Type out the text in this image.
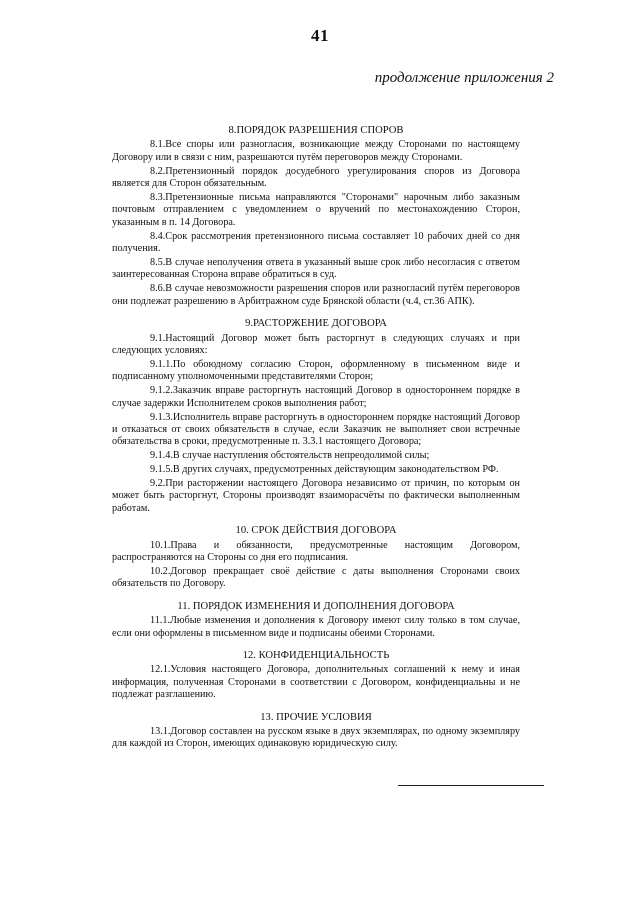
41
продолжение приложения 2
8.ПОРЯДОК РАЗРЕШЕНИЯ СПОРОВ
8.1.Все споры или разногласия, возникающие между Сторонами по настоящему Договору или в связи с ним, разрешаются путём переговоров между Сторонами.
8.2.Претензионный порядок досудебного урегулирования споров из Договора является для Сторон обязательным.
8.3.Претензионные письма направляются "Сторонами" нарочным либо заказным почтовым отправлением с уведомлением о вручений по местонахождению Сторон, указанным в п. 14 Договора.
8.4.Срок рассмотрения претензионного письма составляет 10 рабочих дней со дня получения.
8.5.В случае неполучения ответа в указанный выше срок либо несогласия с ответом заинтересованная Сторона вправе обратиться в суд.
8.6.В случае невозможности разрешения споров или разногласий путём переговоров они подлежат разрешению в Арбитражном суде Брянской области (ч.4, ст.36 АПК).
9.РАСТОРЖЕНИЕ ДОГОВОРА
9.1.Настоящий Договор может быть расторгнут в следующих случаях и при следующих условиях:
9.1.1.По обоюдному согласию Сторон, оформленному в письменном виде и подписанному уполномоченными представителями Сторон;
9.1.2.Заказчик вправе расторгнуть настоящий Договор в одностороннем порядке в случае задержки Исполнителем сроков выполнения работ;
9.1.3.Исполнитель вправе расторгнуть в одностороннем порядке настоящий Договор и отказаться от своих обязательств в случае, если Заказчик не выполняет свои встречные обязательства в сроки, предусмотренные п. 3.3.1 настоящего Договора;
9.1.4.В случае наступления обстоятельств непреодолимой силы;
9.1.5.В других случаях, предусмотренных действующим законодательством РФ.
9.2.При расторжении настоящего Договора независимо от причин, по которым он может быть расторгнут, Стороны производят взаиморасчёты по фактически выполненным работам.
10. СРОК ДЕЙСТВИЯ ДОГОВОРА
10.1.Права и обязанности, предусмотренные настоящим Договором, распространяются на Стороны со дня его подписания.
10.2.Договор прекращает своё действие с даты выполнения Сторонами своих обязательств по Договору.
11. ПОРЯДОК ИЗМЕНЕНИЯ И ДОПОЛНЕНИЯ ДОГОВОРА
11.1.Любые изменения и дополнения к Договору имеют силу только в том случае, если они оформлены в письменном виде и подписаны обеими Сторонами.
12. КОНФИДЕНЦИАЛЬНОСТЬ
12.1.Условия настоящего Договора, дополнительных соглашений к нему и иная информация, полученная Сторонами в соответствии с Договором, конфиденциальны и не подлежат разглашению.
13. ПРОЧИЕ УСЛОВИЯ
13.1.Договор составлен на русском языке в двух экземплярах, по одному экземпляру для каждой из Сторон, имеющих одинаковую юридическую силу.
